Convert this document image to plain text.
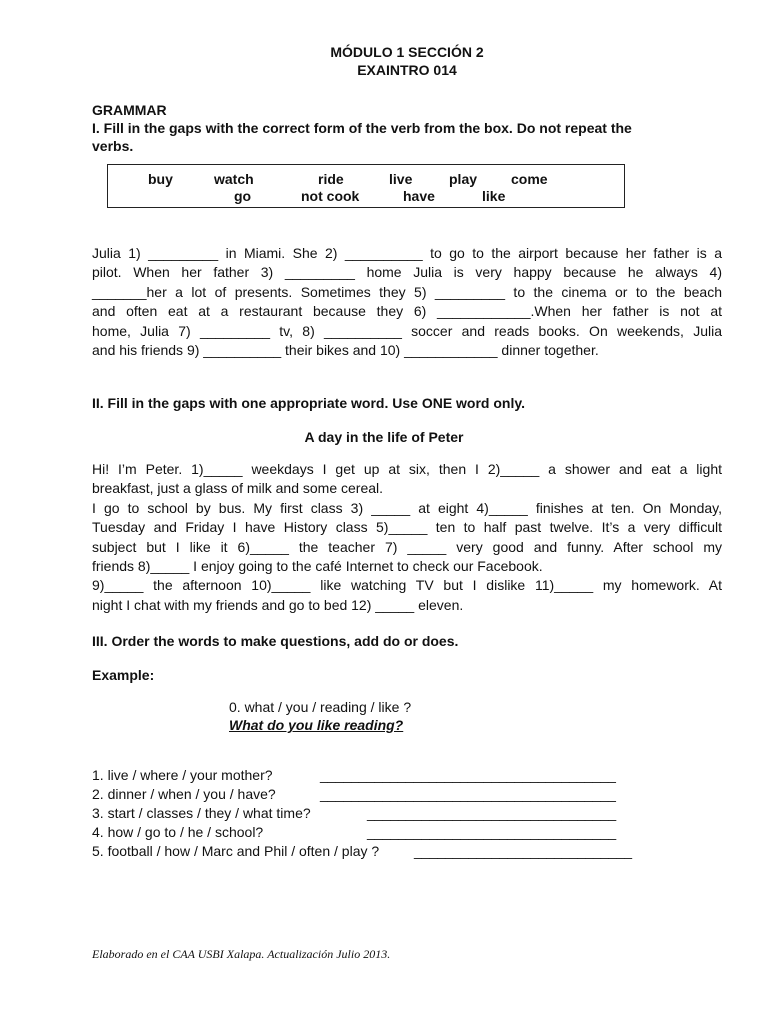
MÓDULO 1 SECCIÓN 2
EXAINTRO 014
GRAMMAR
I. Fill in the gaps with the correct form of the verb from the box. Do not repeat the
verbs.
buy	watch	ride	live	play come
go	not cook	have	like
Julia 1) _________ in Miami. She 2) __________ to go to the airport because her father is a
pilot. When her father 3) _________ home Julia is very happy because he always 4)
_______her a lot of presents. Sometimes they 5) _________ to the cinema or to the beach
and often eat at a restaurant because they 6) ____________.When her father is not at
home, Julia 7) _________ tv, 8) __________ soccer and reads books. On weekends, Julia
and his friends 9) __________ their bikes and 10) ____________ dinner together.
II. Fill in the gaps with one appropriate word. Use ONE word only.
A day in the life of Peter
Hi! I’m Peter. 1)_____ weekdays I get up at six, then I 2)_____ a shower and eat a light
breakfast, just a glass of milk and some cereal.
I go to school by bus. My first class 3) _____ at eight 4)_____ finishes at ten. On Monday,
Tuesday and Friday I have History class 5)_____ ten to half past twelve. It’s a very difficult
subject but I like it 6)_____ the teacher 7) _____ very good and funny. After school my
friends 8)_____ I enjoy going to the café Internet to check our Facebook.
9)_____ the afternoon 10)_____ like watching TV but I dislike 11)_____ my homework. At
night I chat with my friends and go to bed 12) _____ eleven.
III. Order the words to make questions, add do or does.
Example:
0. what / you / reading / like ?
What do you like reading?
1. live / where / your mother?	______________________________________
2. dinner / when / you / have?	______________________________________
3. start / classes / they / what time?	________________________________
4. how / go to / he / school?	________________________________
5. football / how / Marc and Phil / often / play ? ____________________________
Elaborado en el CAA USBI Xalapa. Actualización Julio 2013.
